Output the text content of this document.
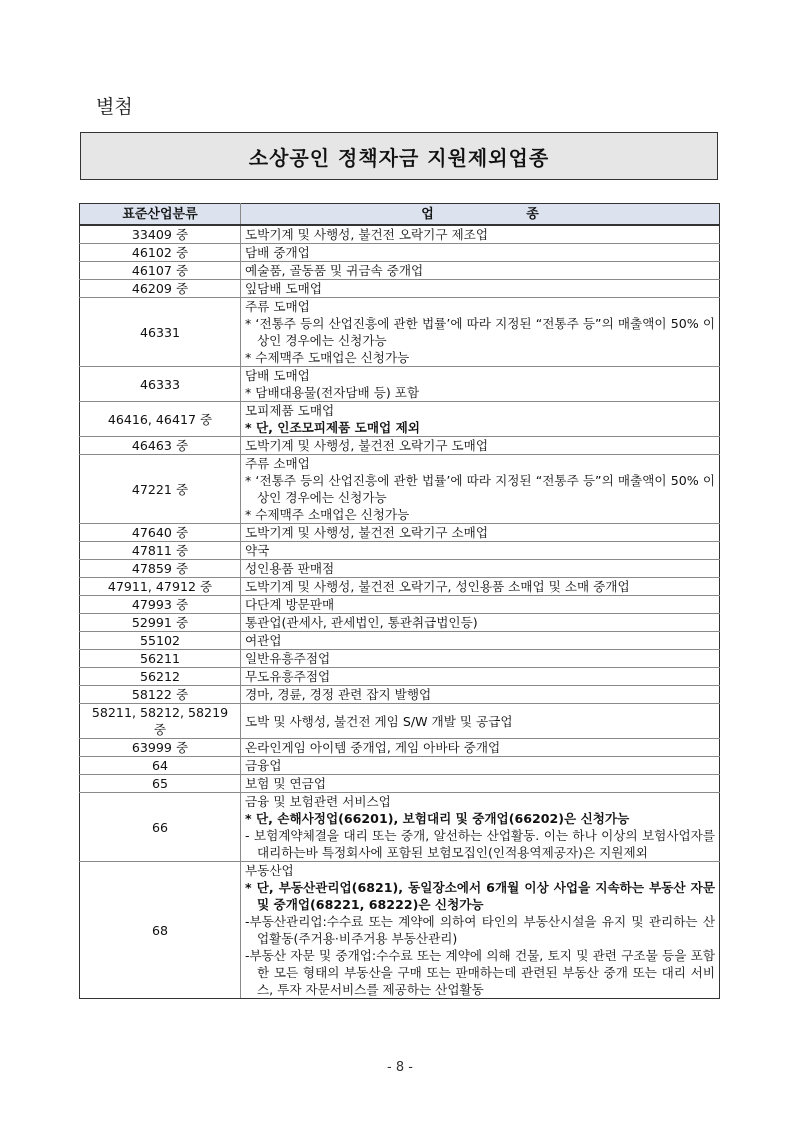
별첨
소상공인 정책자금 지원제외업종
표준산업분류	업 종

33409 중	도박기계 및 사행성, 불건전 오락기구 제조업

46102 중	담배 중개업

46107 중	예술품, 골동품 및 귀금속 중개업

46209 중	잎담배 도매업

46331	주류 도매업
* ‘전통주 등의 산업진흥에 관한 법률’에 따라 지정된 “전통주 등”의 매출액이 50% 이상인 경우에는 신청가능
* 수제맥주 도매업은 신청가능

46333	담배 도매업
* 담배대용물(전자담배 등) 포함

46416, 46417 중	모피제품 도매업
* 단, 인조모피제품 도매업 제외

46463 중	도박기계 및 사행성, 불건전 오락기구 도매업

47221 중	주류 소매업
* ‘전통주 등의 산업진흥에 관한 법률’에 따라 지정된 “전통주 등”의 매출액이 50% 이상인 경우에는 신청가능
* 수제맥주 소매업은 신청가능

47640 중	도박기계 및 사행성, 불건전 오락기구 소매업

47811 중	약국

47859 중	성인용품 판매점

47911, 47912 중	도박기계 및 사행성, 불건전 오락기구, 성인용품 소매업 및 소매 중개업

47993 중	다단계 방문판매

52991 중	통관업(관세사, 관세법인, 통관취급법인등)

55102	여관업

56211	일반유흥주점업

56212	무도유흥주점업

58122 중	경마, 경륜, 경정 관련 잡지 발행업

58211, 58212, 58219 중	도박 및 사행성, 불건전 게임 S/W 개발 및 공급업

63999 중	온라인게임 아이템 중개업, 게임 아바타 중개업

64	금융업

65	보험 및 연금업

66	금융 및 보험관련 서비스업
* 단, 손해사정업(66201), 보험대리 및 중개업(66202)은 신청가능
- 보험계약체결을 대리 또는 중개, 알선하는 산업활동. 이는 하나 이상의 보험사업자를 대리하는바 특정회사에 포함된 보험모집인(인적용역제공자)은 지원제외

68	부동산업
* 단, 부동산관리업(6821), 동일장소에서 6개월 이상 사업을 지속하는 부동산 자문 및 중개업(68221, 68222)은 신청가능
-부동산관리업:수수료 또는 계약에 의하여 타인의 부동산시설을 유지 및 관리하는 산업활동(주거용·비주거용 부동산관리)
-부동산 자문 및 중개업:수수료 또는 계약에 의해 건물, 토지 및 관련 구조물 등을 포함한 모든 형태의 부동산을 구매 또는 판매하는데 관련된 부동산 중개 또는 대리 서비스, 투자 자문서비스를 제공하는 산업활동
- 8 -
